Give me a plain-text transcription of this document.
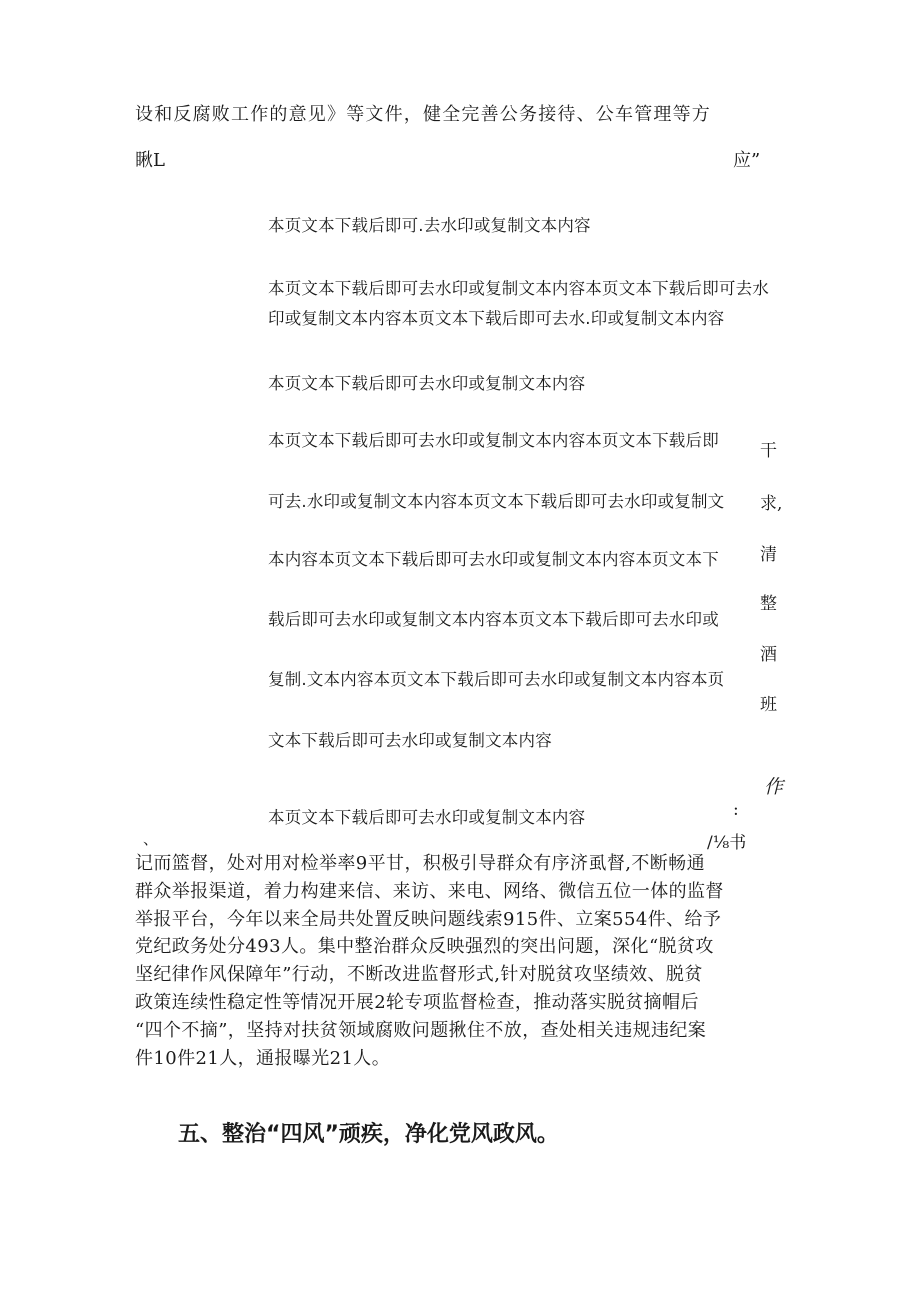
设和反腐败工作的意见》等文件，健全完善公务接待、公车管理等方
瞅L	应”
本页文本下载后即可.去水印或复制文本内容
本页文本下载后即可去水印或复制文本内容本页文本下载后即可去水
印或复制文本内容本页文本下载后即可去水.印或复制文本内容
本页文本下载后即可去水印或复制文本内容
本页文本下载后即可去水印或复制文本内容本页文本下载后即
可去.水印或复制文本内容本页文本下载后即可去水印或复制文
本内容本页文本下载后即可去水印或复制文本内容本页文本下
载后即可去水印或复制文本内容本页文本下载后即可去水印或
复制.文本内容本页文本下载后即可去水印或复制文本内容本页
文本下载后即可去水印或复制文本内容
本页文本下载后即可去水印或复制文本内容
干
求,
清
整
酒
班
作
:
/⅛书
、
记而篮督，处对用对检举率9平甘，积极引导群众有序济虱督,不断畅通
群众举报渠道，着力构建来信、来访、来电、网络、微信五位一体的监督
举报平台，今年以来全局共处置反映问题线索915件、立案554件、给予
党纪政务处分493人。集中整治群众反映强烈的突出问题，深化“脱贫攻
坚纪律作风保障年”行动，不断改进监督形式,针对脱贫攻坚绩效、脱贫
政策连续性稳定性等情况开展2轮专项监督检查，推动落实脱贫摘帽后
“四个不摘”，坚持对扶贫领域腐败问题揪住不放，查处相关违规违纪案
件10件21人，通报曝光21人。
五、整治“四风”顽疾，净化党风政风。
